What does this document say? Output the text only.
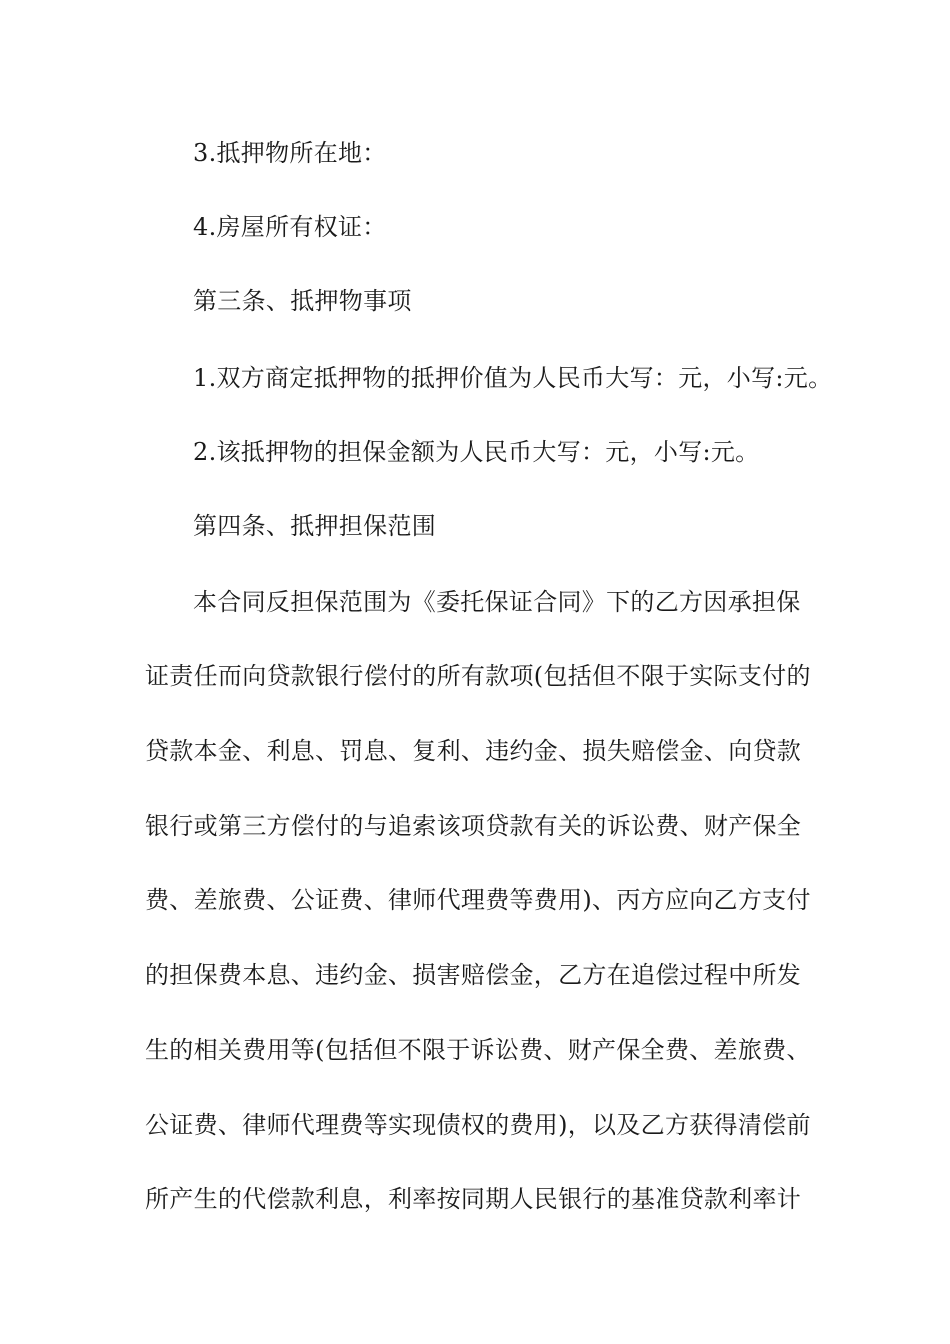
3.抵押物所在地：
4.房屋所有权证：
第三条、抵押物事项
1.双方商定抵押物的抵押价值为人民币大写：元，小写:元。
2.该抵押物的担保金额为人民币大写：元，小写:元。
第四条、抵押担保范围
本合同反担保范围为《委托保证合同》下的乙方因承担保
证责任而向贷款银行偿付的所有款项(包括但不限于实际支付的
贷款本金、利息、罚息、复利、违约金、损失赔偿金、向贷款
银行或第三方偿付的与追索该项贷款有关的诉讼费、财产保全
费、差旅费、公证费、律师代理费等费用)、丙方应向乙方支付
的担保费本息、违约金、损害赔偿金，乙方在追偿过程中所发
生的相关费用等(包括但不限于诉讼费、财产保全费、差旅费、
公证费、律师代理费等实现债权的费用)，以及乙方获得清偿前
所产生的代偿款利息，利率按同期人民银行的基准贷款利率计
